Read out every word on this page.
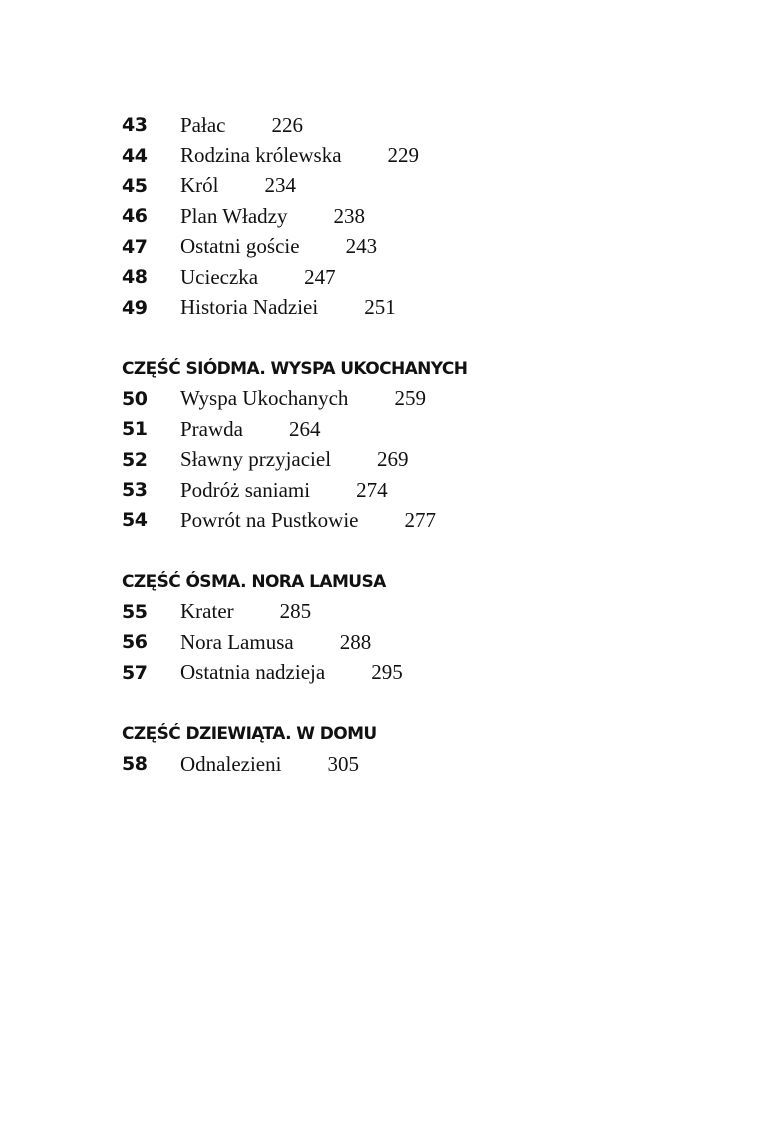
43	Pałac 226
44	Rodzina królewska 229
45	Król 234
46	Plan Władzy 238
47	Ostatni goście 243
48	Ucieczka 247
49	Historia Nadziei 251
CZĘŚĆ SIÓDMA. WYSPA UKOCHANYCH
50	Wyspa Ukochanych 259
51	Prawda 264
52	Sławny przyjaciel 269
53	Podróż saniami 274
54	Powrót na Pustkowie 277
CZĘŚĆ ÓSMA. NORA LAMUSA
55	Krater 285
56	Nora Lamusa 288
57	Ostatnia nadzieja 295
CZĘŚĆ DZIEWIĄTA. W DOMU
58	Odnalezieni 305
